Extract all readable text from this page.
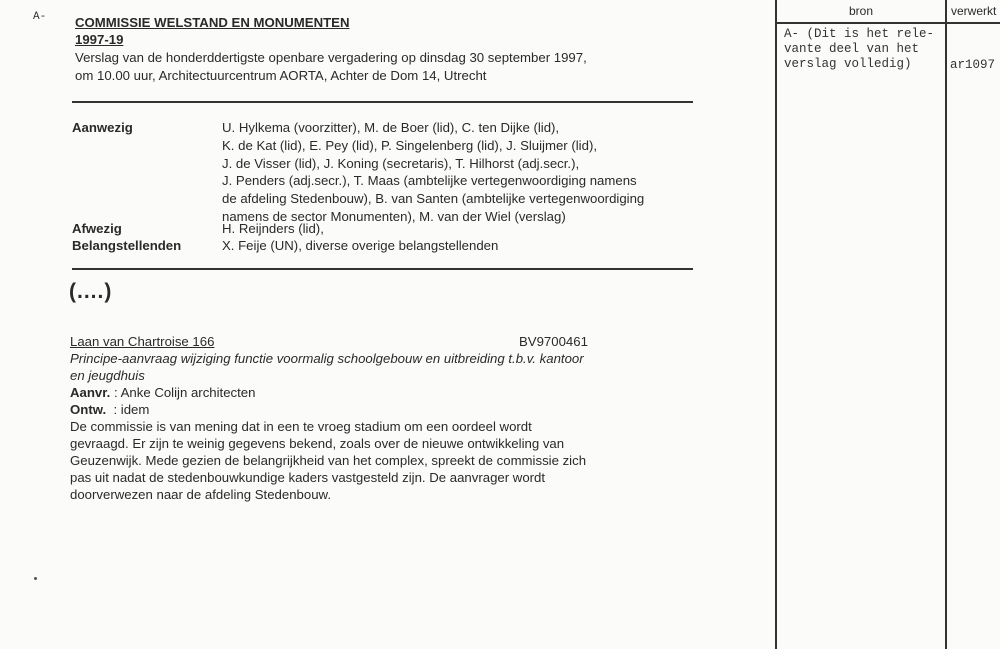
A- COMMISSIE WELSTAND EN MONUMENTEN
1997-19
Verslag van de honderddertigste openbare vergadering op dinsdag 30 september 1997,
om 10.00 uur, Architectuurcentrum AORTA, Achter de Dom 14, Utrecht
Aanwezig	U. Hylkema (voorzitter), M. de Boer (lid), C. ten Dijke (lid),
K. de Kat (lid), E. Pey (lid), P. Singelenberg (lid), J. Sluijmer (lid),
J. de Visser (lid), J. Koning (secretaris), T. Hilhorst (adj.secr.),
J. Penders (adj.secr.), T. Maas (ambtelijke vertegenwoordiging namens
de afdeling Stedenbouw), B. van Santen (ambtelijke vertegenwoordiging
namens de sector Monumenten), M. van der Wiel (verslag)
Afwezig	H. Reijnders (lid),
Belangstellenden	X. Feije (UN), diverse overige belangstellenden
(....)
Laan van Chartroise 166	BV9700461
Principe-aanvraag wijziging functie voormalig schoolgebouw en uitbreiding t.b.v. kantoor
en jeugdhuis
Aanvr. : Anke Colijn architecten
Ontw. : idem
De commissie is van mening dat in een te vroeg stadium om een oordeel wordt
gevraagd. Er zijn te weinig gegevens bekend, zoals over de nieuwe ontwikkeling van
Geuzenwijk. Mede gezien de belangrijkheid van het complex, spreekt de commissie zich
pas uit nadat de stedenbouwkundige kaders vastgesteld zijn. De aanvrager wordt
doorverwezen naar de afdeling Stedenbouw.
bron	verwerkt
A- (Dit is het rele-
vante deel van het
verslag volledig)	ar1097
